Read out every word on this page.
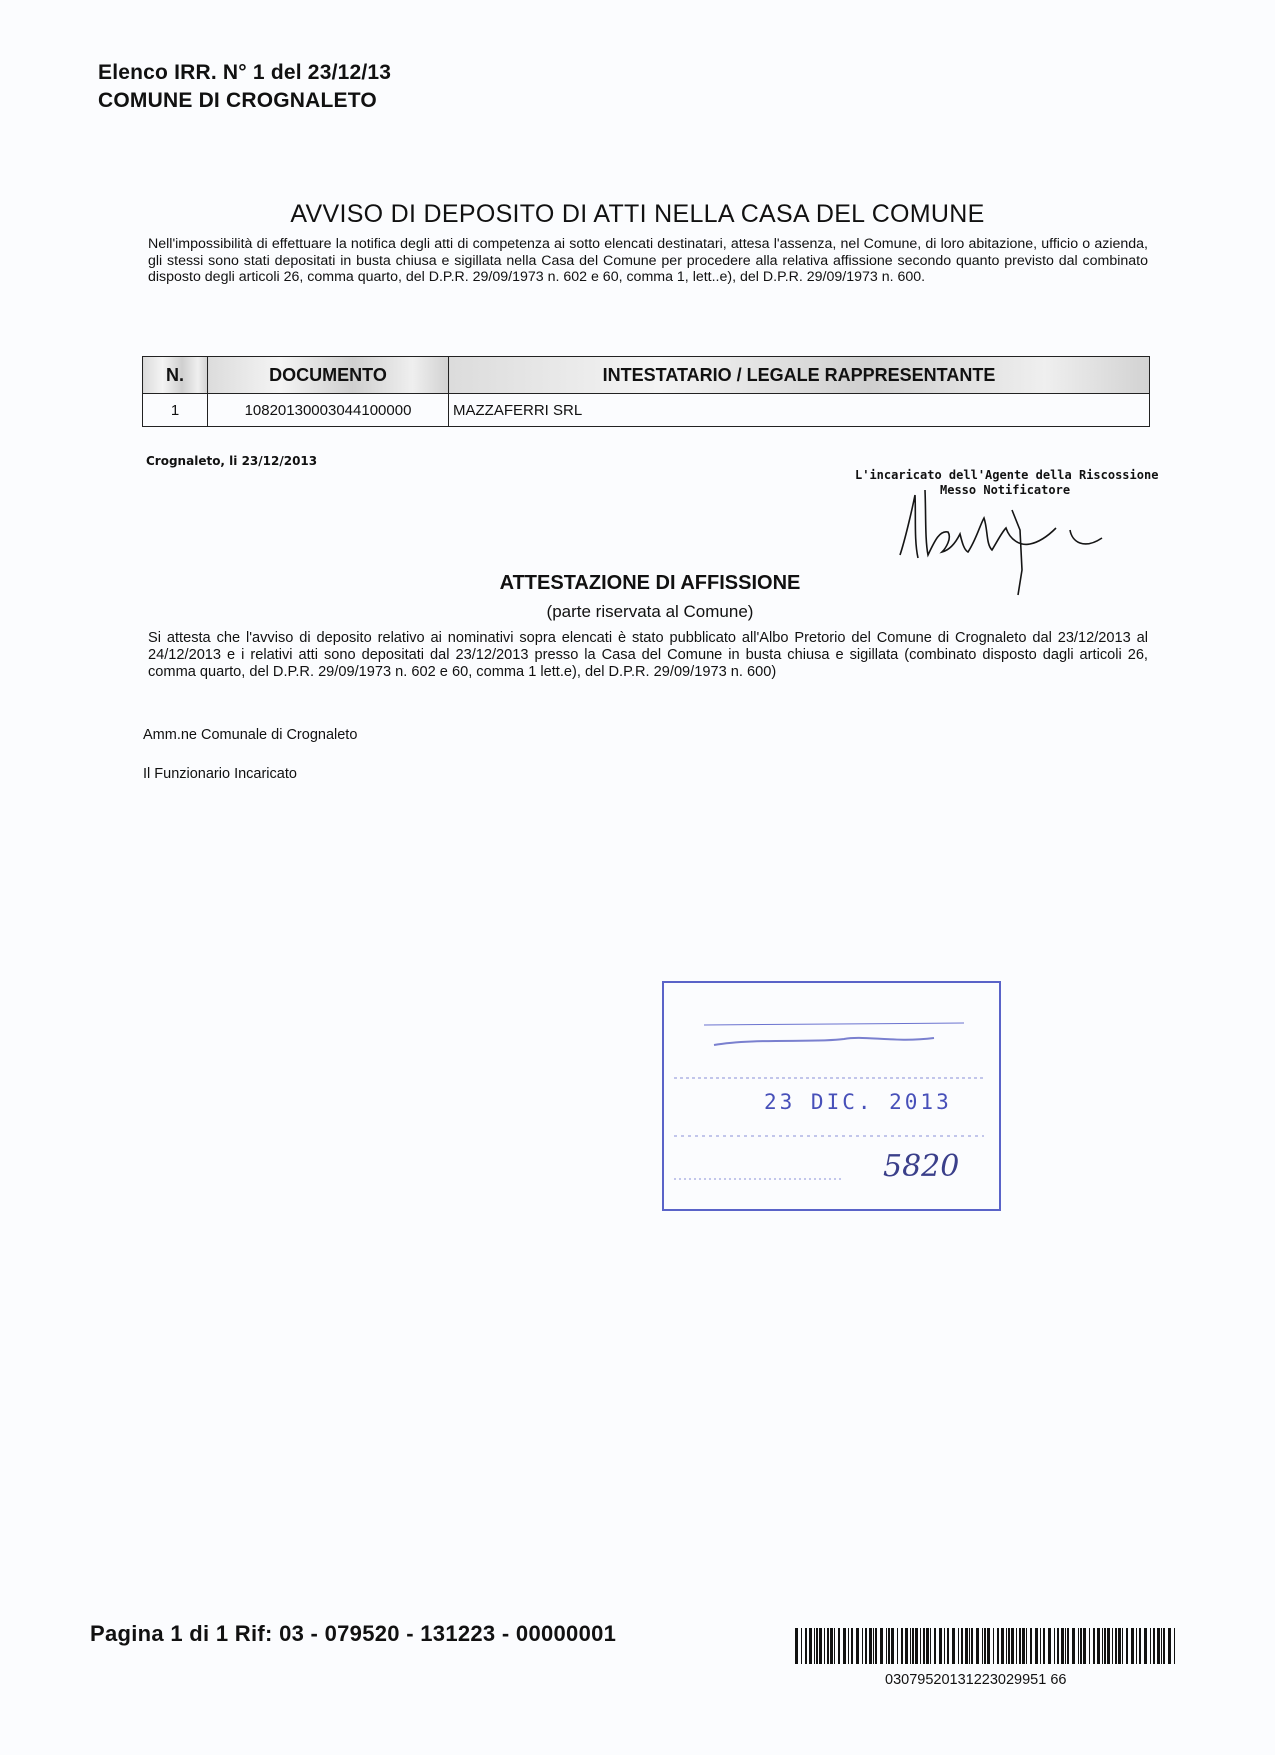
Elenco IRR. N° 1 del 23/12/13
COMUNE DI CROGNALETO
AVVISO DI DEPOSITO DI ATTI NELLA CASA DEL COMUNE
Nell'impossibilità di effettuare la notifica degli atti di competenza ai sotto elencati destinatari, attesa l'assenza, nel Comune, di loro abitazione, ufficio o azienda, gli stessi sono stati depositati in busta chiusa e sigillata nella Casa del Comune per procedere alla relativa affissione secondo quanto previsto dal combinato disposto degli articoli 26, comma quarto, del D.P.R. 29/09/1973 n. 602 e 60, comma 1, lett..e), del D.P.R. 29/09/1973 n. 600.
N.	DOCUMENTO	INTESTATARIO / LEGALE RAPPRESENTANTE
1	10820130003044100000	MAZZAFERRI SRL
Crognaleto, li 23/12/2013
L'incaricato dell'Agente della Riscossione
Messo Notificatore
ATTESTAZIONE DI AFFISSIONE
(parte riservata al Comune)
Si attesta che l'avviso di deposito relativo ai nominativi sopra elencati è stato pubblicato all'Albo Pretorio del Comune di Crognaleto dal 23/12/2013 al 24/12/2013 e i relativi atti sono depositati dal 23/12/2013 presso la Casa del Comune in busta chiusa e sigillata (combinato disposto dagli articoli 26, comma quarto, del D.P.R. 29/09/1973 n. 602 e 60, comma 1 lett.e), del D.P.R. 29/09/1973 n. 600)
Amm.ne Comunale di Crognaleto
Il Funzionario Incaricato
23 DIC. 2013
5820
Pagina 1 di 1 Rif: 03 - 079520 - 131223 - 00000001
03079520131223029951 66
